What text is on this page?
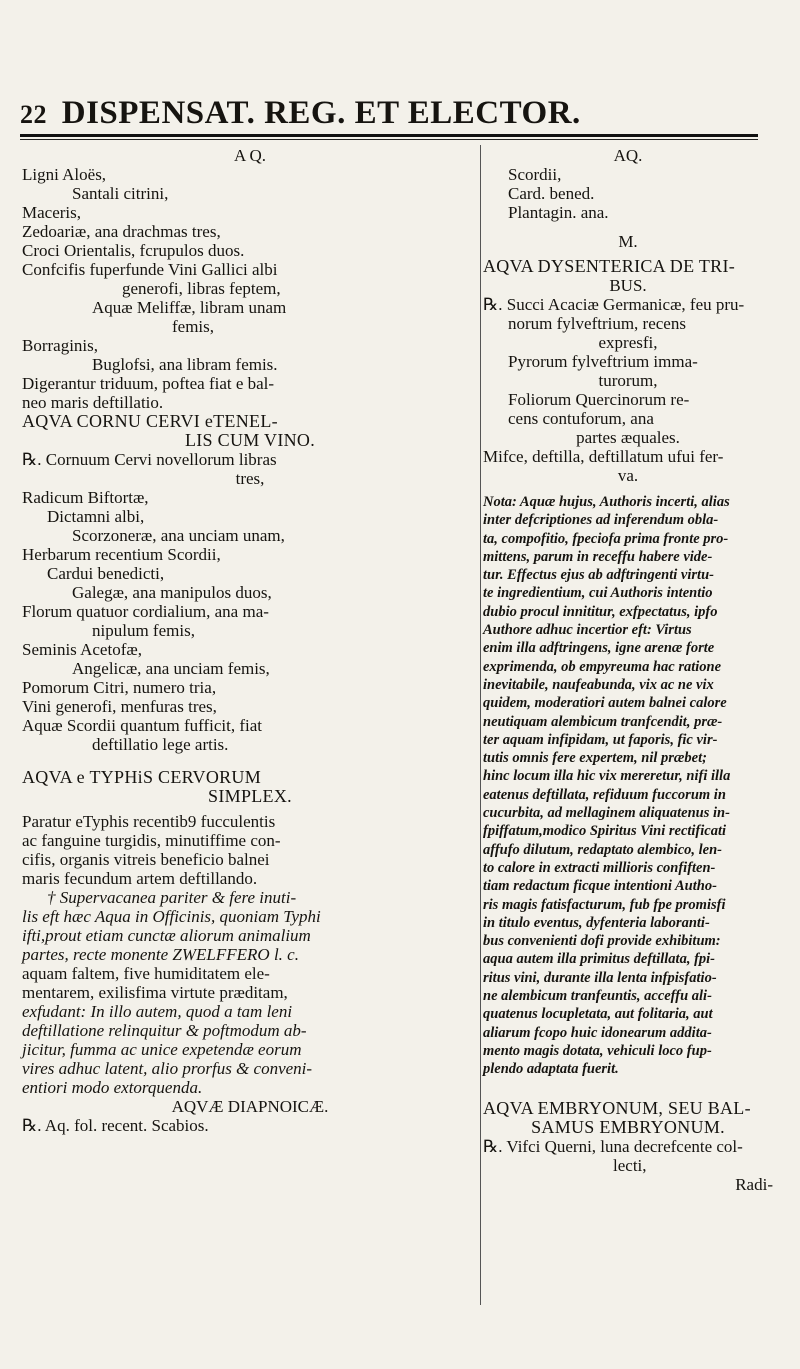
22 DISPENSAT. REG. ET ELECTOR.
A Q.
Ligni Aloës,
Santali citrini,
Maceris,
Zedoariæ, ana drachmas tres,
Croci Orientalis, fcrupulos duos.
Confcifis fuperfunde Vini Gallici albi
generofi, libras feptem,
Aquæ Meliffæ, libram unam
femis,
Borraginis,
Buglofsi, ana libram femis.
Digerantur triduum, poftea fiat e bal-
neo maris deftillatio.
AQVA CORNU CERVI eTENEL-
LIS CUM VINO.
℞. Cornuum Cervi novellorum libras
tres,
Radicum Biftortæ,
Dictamni albi,
Scorzoneræ, ana unciam unam,
Herbarum recentium Scordii,
Cardui benedicti,
Galegæ, ana manipulos duos,
Florum quatuor cordialium, ana ma-
nipulum femis,
Seminis Acetofæ,
Angelicæ, ana unciam femis,
Pomorum Citri, numero tria,
Vini generofi, menfuras tres,
Aquæ Scordii quantum fufficit, fiat
deftillatio lege artis.
AQVA e TYPHiS CERVORUM
SIMPLEX.
Paratur eTyphis recentib9 fucculentis
ac fanguine turgidis, minutiffime con-
cifis, organis vitreis beneficio balnei
maris fecundum artem deftillando.
† Supervacanea pariter & fere inuti-
lis eft hæc Aqua in Officinis, quoniam Typhi
ifti,prout etiam cunctæ aliorum animalium
partes, recte monente ZWELFFERO l. c.
aquam faltem, five humiditatem ele-
mentarem, exilisfima virtute præditam,
exfudant: In illo autem, quod a tam leni
deftillatione relinquitur & poftmodum ab-
jicitur, fumma ac unice expetendæ eorum
vires adhuc latent, alio prorfus & conveni-
entiori modo extorquenda.
AQVÆ DIAPNOICÆ.
℞. Aq. fol. recent. Scabios.
AQ.
Scordii,
Card. bened.
Plantagin. ana.
M.
AQVA DYSENTERICA DE TRI-
BUS.
℞. Succi Acaciæ Germanicæ, feu pru-
norum fylveftrium, recens
expresfi,
Pyrorum fylveftrium imma-
turorum,
Foliorum Quercinorum re-
cens contuforum, ana
partes æquales.
Mifce, deftilla, deftillatum ufui fer-
va.
Nota: Aquæ hujus, Authoris incerti, alias
inter defcriptiones ad inferendum obla-
ta, compofitio, fpeciofa prima fronte pro-
mittens, parum in receffu habere vide-
tur. Effectus ejus ab adftringenti virtu-
te ingredientium, cui Authoris intentio
dubio procul innititur, exfpectatus, ipfo
Authore adhuc incertior eft: Virtus
enim illa adftringens, igne arenæ forte
exprimenda, ob empyreuma hac ratione
inevitabile, naufeabunda, vix ac ne vix
quidem, moderatiori autem balnei calore
neutiquam alembicum tranfcendit, præ-
ter aquam infipidam, ut faporis, fic vir-
tutis omnis fere expertem, nil præbet;
hinc locum illa hic vix mereretur, nifi illa
eatenus deftillata, refiduum fuccorum in
cucurbita, ad mellaginem aliquatenus in-
fpiffatum,modico Spiritus Vini rectificati
affufo dilutum, redaptato alembico, len-
to calore in extracti millioris confiften-
tiam redactum ficque intentioni Autho-
ris magis fatisfacturum, fub fpe promisfi
in titulo eventus, dyfenteria laboranti-
bus convenienti dofi provide exhibitum:
aqua autem illa primitus deftillata, fpi-
ritus vini, durante illa lenta infpisfatio-
ne alembicum tranfeuntis, acceffu ali-
quatenus locupletata, aut folitaria, aut
aliarum fcopo huic idonearum addita-
mento magis dotata, vehiculi loco fup-
plendo adaptata fuerit.
AQVA EMBRYONUM, SEU BAL-
SAMUS EMBRYONUM.
℞. Vifci Querni, luna decrefcente col-
lecti,
Radi-
